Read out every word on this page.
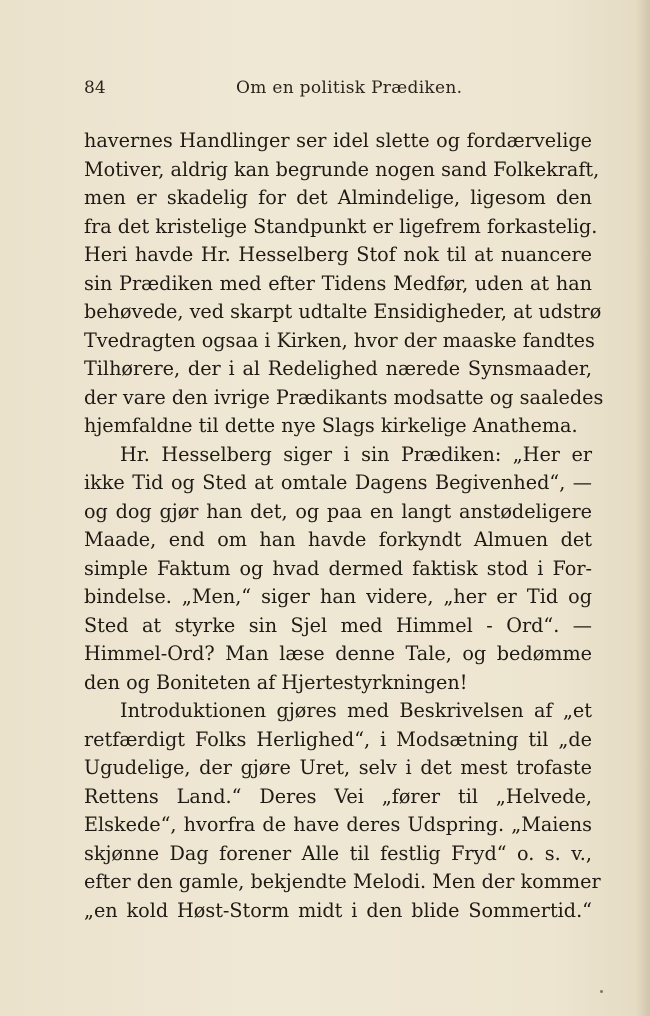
84	Om en politisk Prædiken.
havernes Handlinger ser idel slette og fordærvelige
Motiver, aldrig kan begrunde nogen sand Folkekraft,
men er skadelig for det Almindelige, ligesom den
fra det kristelige Standpunkt er ligefrem forkastelig.
Heri havde Hr. Hesselberg Stof nok til at nuancere
sin Prædiken med efter Tidens Medfør, uden at han
behøvede, ved skarpt udtalte Ensidigheder, at udstrø
Tvedragten ogsaa i Kirken, hvor der maaske fandtes
Tilhørere, der i al Redelighed nærede Synsmaader,
der vare den ivrige Prædikants modsatte og saaledes
hjemfaldne til dette nye Slags kirkelige Anathema.
Hr. Hesselberg siger i sin Prædiken: „Her er
ikke Tid og Sted at omtale Dagens Begivenhed“, —
og dog gjør han det, og paa en langt anstødeligere
Maade, end om han havde forkyndt Almuen det
simple Faktum og hvad dermed faktisk stod i For-
bindelse. „Men,“ siger han videre, „her er Tid og
Sted at styrke sin Sjel med Himmel - Ord“. —
Himmel-Ord? Man læse denne Tale, og bedømme
den og Boniteten af Hjertestyrkningen!
Introduktionen gjøres med Beskrivelsen af „et
retfærdigt Folks Herlighed“, i Modsætning til „de
Ugudelige, der gjøre Uret, selv i det mest trofaste
Rettens Land.“ Deres Vei „fører til „Helvede,
Elskede“, hvorfra de have deres Udspring. „Maiens
skjønne Dag forener Alle til festlig Fryd“ o. s. v.,
efter den gamle, bekjendte Melodi. Men der kommer
„en kold Høst-Storm midt i den blide Sommertid.“
